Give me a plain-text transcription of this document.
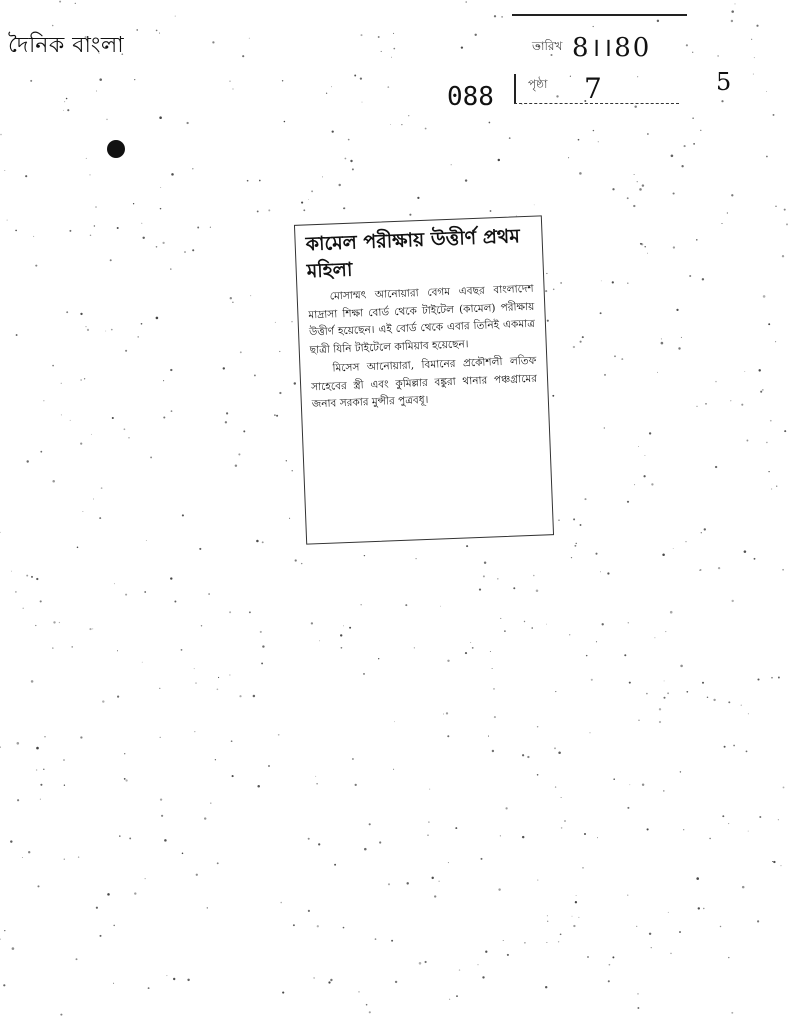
দৈনিক বাংলা
088
তারিখ 8।।80
পৃষ্ঠা 7	5
কামেল পরীক্ষায় উত্তীর্ণ প্রথম মহিলা

মোসাম্মৎ আনোয়ারা বেগম এবছর বাংলাদেশ মাদ্রাসা শিক্ষা বোর্ড থেকে টাইটেল (কামেল) পরীক্ষায় উত্তীর্ণ হয়েছেন। এই বোর্ড থেকে এবার তিনিই একমাত্র ছাত্রী যিনি টাইটেলে কামিয়াব হয়েছেন।

মিসেস আনোয়ারা, বিমানের প্রকৌশলী লতিফ সাহেবের স্ত্রী এবং কুমিল্লার বঙ্কুরা থানার পঞ্চগ্রামের জনাব সরকার মুন্সীর পুত্রবধূ।
